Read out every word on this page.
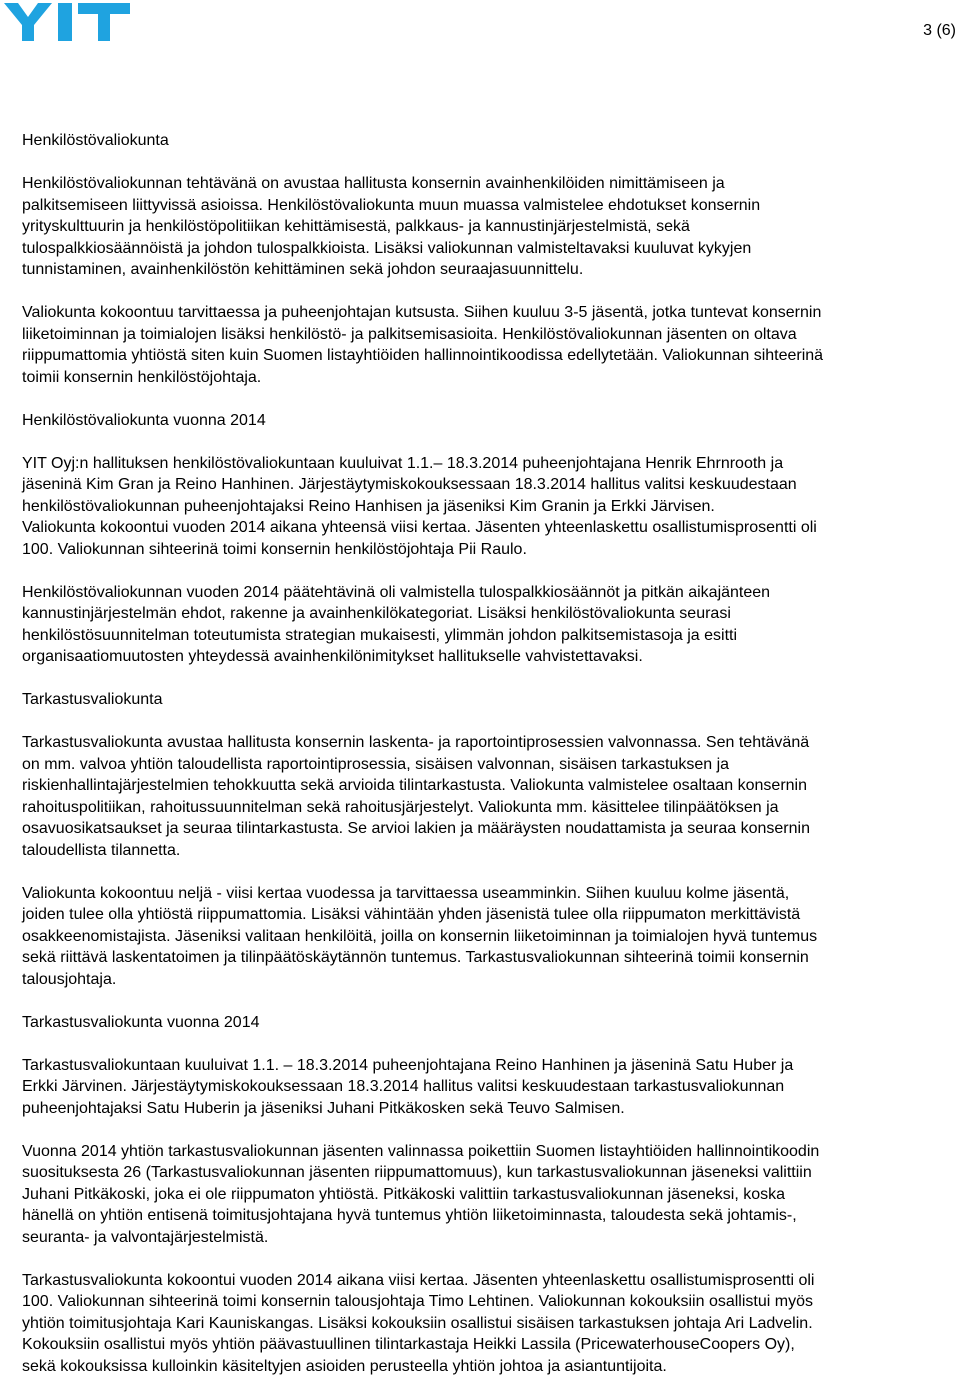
3 (6)

Henkilöstövaliokunta

Henkilöstövaliokunnan tehtävänä on avustaa hallitusta konsernin avainhenkilöiden nimittämiseen ja
palkitsemiseen liittyvissä asioissa. Henkilöstövaliokunta muun muassa valmistelee ehdotukset konsernin
yrityskulttuurin ja henkilöstöpolitiikan kehittämisestä, palkkaus- ja kannustinjärjestelmistä, sekä
tulospalkkiosäännöistä ja johdon tulospalkkioista. Lisäksi valiokunnan valmisteltavaksi kuuluvat kykyjen
tunnistaminen, avainhenkilöstön kehittäminen sekä johdon seuraajasuunnittelu.

Valiokunta kokoontuu tarvittaessa ja puheenjohtajan kutsusta. Siihen kuuluu 3-5 jäsentä, jotka tuntevat konsernin
liiketoiminnan ja toimialojen lisäksi henkilöstö- ja palkitsemisasioita. Henkilöstövaliokunnan jäsenten on oltava
riippumattomia yhtiöstä siten kuin Suomen listayhtiöiden hallinnointikoodissa edellytetään. Valiokunnan sihteerinä
toimii konsernin henkilöstöjohtaja.

Henkilöstövaliokunta vuonna 2014

YIT Oyj:n hallituksen henkilöstövaliokuntaan kuuluivat 1.1.– 18.3.2014 puheenjohtajana Henrik Ehrnrooth ja
jäseninä Kim Gran ja Reino Hanhinen. Järjestäytymiskokouksessaan 18.3.2014 hallitus valitsi keskuudestaan
henkilöstövaliokunnan puheenjohtajaksi Reino Hanhisen ja jäseniksi Kim Granin ja Erkki Järvisen.
Valiokunta kokoontui vuoden 2014 aikana yhteensä viisi kertaa. Jäsenten yhteenlaskettu osallistumisprosentti oli
100. Valiokunnan sihteerinä toimi konsernin henkilöstöjohtaja Pii Raulo.

Henkilöstövaliokunnan vuoden 2014 päätehtävinä oli valmistella tulospalkkiosäännöt ja pitkän aikajänteen
kannustinjärjestelmän ehdot, rakenne ja avainhenkilökategoriat. Lisäksi henkilöstövaliokunta seurasi
henkilöstösuunnitelman toteutumista strategian mukaisesti, ylimmän johdon palkitsemistasoja ja esitti
organisaatiomuutosten yhteydessä avainhenkilönimitykset hallitukselle vahvistettavaksi.

Tarkastusvaliokunta

Tarkastusvaliokunta avustaa hallitusta konsernin laskenta- ja raportointiprosessien valvonnassa. Sen tehtävänä
on mm. valvoa yhtiön taloudellista raportointiprosessia, sisäisen valvonnan, sisäisen tarkastuksen ja
riskienhallintajärjestelmien tehokkuutta sekä arvioida tilintarkastusta. Valiokunta valmistelee osaltaan konsernin
rahoituspolitiikan, rahoitussuunnitelman sekä rahoitusjärjestelyt. Valiokunta mm. käsittelee tilinpäätöksen ja
osavuosikatsaukset ja seuraa tilintarkastusta. Se arvioi lakien ja määräysten noudattamista ja seuraa konsernin
taloudellista tilannetta.

Valiokunta kokoontuu neljä - viisi kertaa vuodessa ja tarvittaessa useamminkin. Siihen kuuluu kolme jäsentä,
joiden tulee olla yhtiöstä riippumattomia. Lisäksi vähintään yhden jäsenistä tulee olla riippumaton merkittävistä
osakkeenomistajista. Jäseniksi valitaan henkilöitä, joilla on konsernin liiketoiminnan ja toimialojen hyvä tuntemus
sekä riittävä laskentatoimen ja tilinpäätöskäytännön tuntemus. Tarkastusvaliokunnan sihteerinä toimii konsernin
talousjohtaja.

Tarkastusvaliokunta vuonna 2014

Tarkastusvaliokuntaan kuuluivat 1.1. – 18.3.2014 puheenjohtajana Reino Hanhinen ja jäseninä Satu Huber ja
Erkki Järvinen. Järjestäytymiskokouksessaan 18.3.2014 hallitus valitsi keskuudestaan tarkastusvaliokunnan
puheenjohtajaksi Satu Huberin ja jäseniksi Juhani Pitkäkosken sekä Teuvo Salmisen.

Vuonna 2014 yhtiön tarkastusvaliokunnan jäsenten valinnassa poikettiin Suomen listayhtiöiden hallinnointikoodin
suosituksesta 26 (Tarkastusvaliokunnan jäsenten riippumattomuus), kun tarkastusvaliokunnan jäseneksi valittiin
Juhani Pitkäkoski, joka ei ole riippumaton yhtiöstä. Pitkäkoski valittiin tarkastusvaliokunnan jäseneksi, koska
hänellä on yhtiön entisenä toimitusjohtajana hyvä tuntemus yhtiön liiketoiminnasta, taloudesta sekä johtamis-,
seuranta- ja valvontajärjestelmistä.

Tarkastusvaliokunta kokoontui vuoden 2014 aikana viisi kertaa. Jäsenten yhteenlaskettu osallistumisprosentti oli
100. Valiokunnan sihteerinä toimi konsernin talousjohtaja Timo Lehtinen. Valiokunnan kokouksiin osallistui myös
yhtiön toimitusjohtaja Kari Kauniskangas. Lisäksi kokouksiin osallistui sisäisen tarkastuksen johtaja Ari Ladvelin.
Kokouksiin osallistui myös yhtiön päävastuullinen tilintarkastaja Heikki Lassila (PricewaterhouseCoopers Oy),
sekä kokouksissa kulloinkin käsiteltyjen asioiden perusteella yhtiön johtoa ja asiantuntijoita.
